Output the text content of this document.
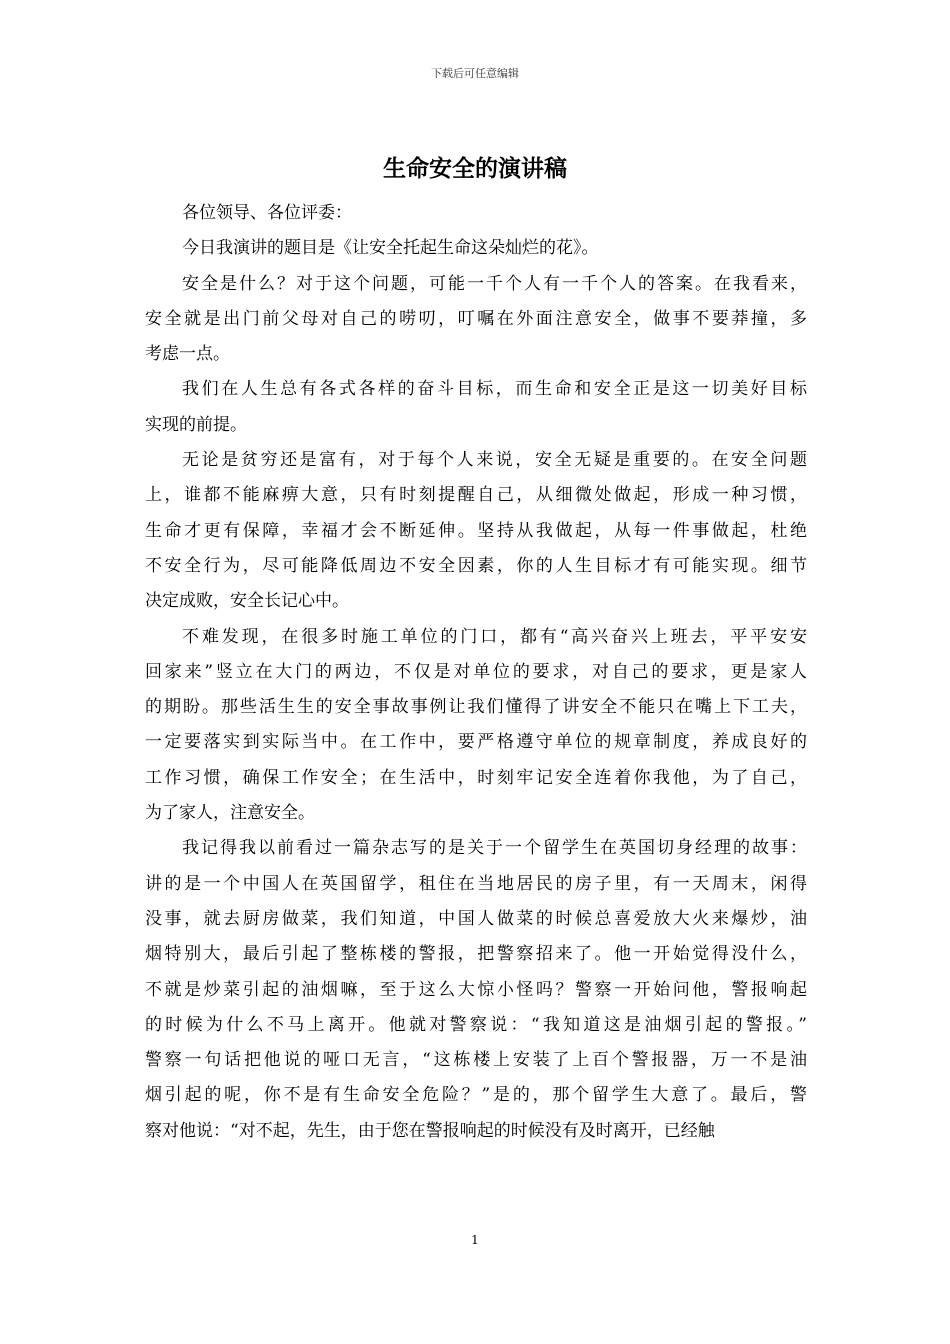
下载后可任意编辑
生命安全的演讲稿
各位领导、各位评委：
今日我演讲的题目是《让安全托起生命这朵灿烂的花》。
安全是什么？对于这个问题，可能一千个人有一千个人的答案。在我看来，
安全就是出门前父母对自己的唠叨，叮嘱在外面注意安全，做事不要莽撞，多
考虑一点。
我们在人生总有各式各样的奋斗目标，而生命和安全正是这一切美好目标
实现的前提。
无论是贫穷还是富有，对于每个人来说，安全无疑是重要的。在安全问题
上，谁都不能麻痹大意，只有时刻提醒自己，从细微处做起，形成一种习惯，
生命才更有保障，幸福才会不断延伸。坚持从我做起，从每一件事做起，杜绝
不安全行为，尽可能降低周边不安全因素，你的人生目标才有可能实现。细节
决定成败，安全长记心中。
不难发现，在很多时施工单位的门口，都有“高兴奋兴上班去，平平安安
回家来”竖立在大门的两边，不仅是对单位的要求，对自己的要求，更是家人
的期盼。那些活生生的安全事故事例让我们懂得了讲安全不能只在嘴上下工夫，
一定要落实到实际当中。在工作中，要严格遵守单位的规章制度，养成良好的
工作习惯，确保工作安全；在生活中，时刻牢记安全连着你我他，为了自己，
为了家人，注意安全。
我记得我以前看过一篇杂志写的是关于一个留学生在英国切身经理的故事：
讲的是一个中国人在英国留学，租住在当地居民的房子里，有一天周末，闲得
没事，就去厨房做菜，我们知道，中国人做菜的时候总喜爱放大火来爆炒，油
烟特别大，最后引起了整栋楼的警报，把警察招来了。他一开始觉得没什么，
不就是炒菜引起的油烟嘛，至于这么大惊小怪吗？警察一开始问他，警报响起
的时候为什么不马上离开。他就对警察说：“我知道这是油烟引起的警报。”
警察一句话把他说的哑口无言，“这栋楼上安装了上百个警报器，万一不是油
烟引起的呢，你不是有生命安全危险？”是的，那个留学生大意了。最后，警
察对他说：“对不起，先生，由于您在警报响起的时候没有及时离开，已经触
1
